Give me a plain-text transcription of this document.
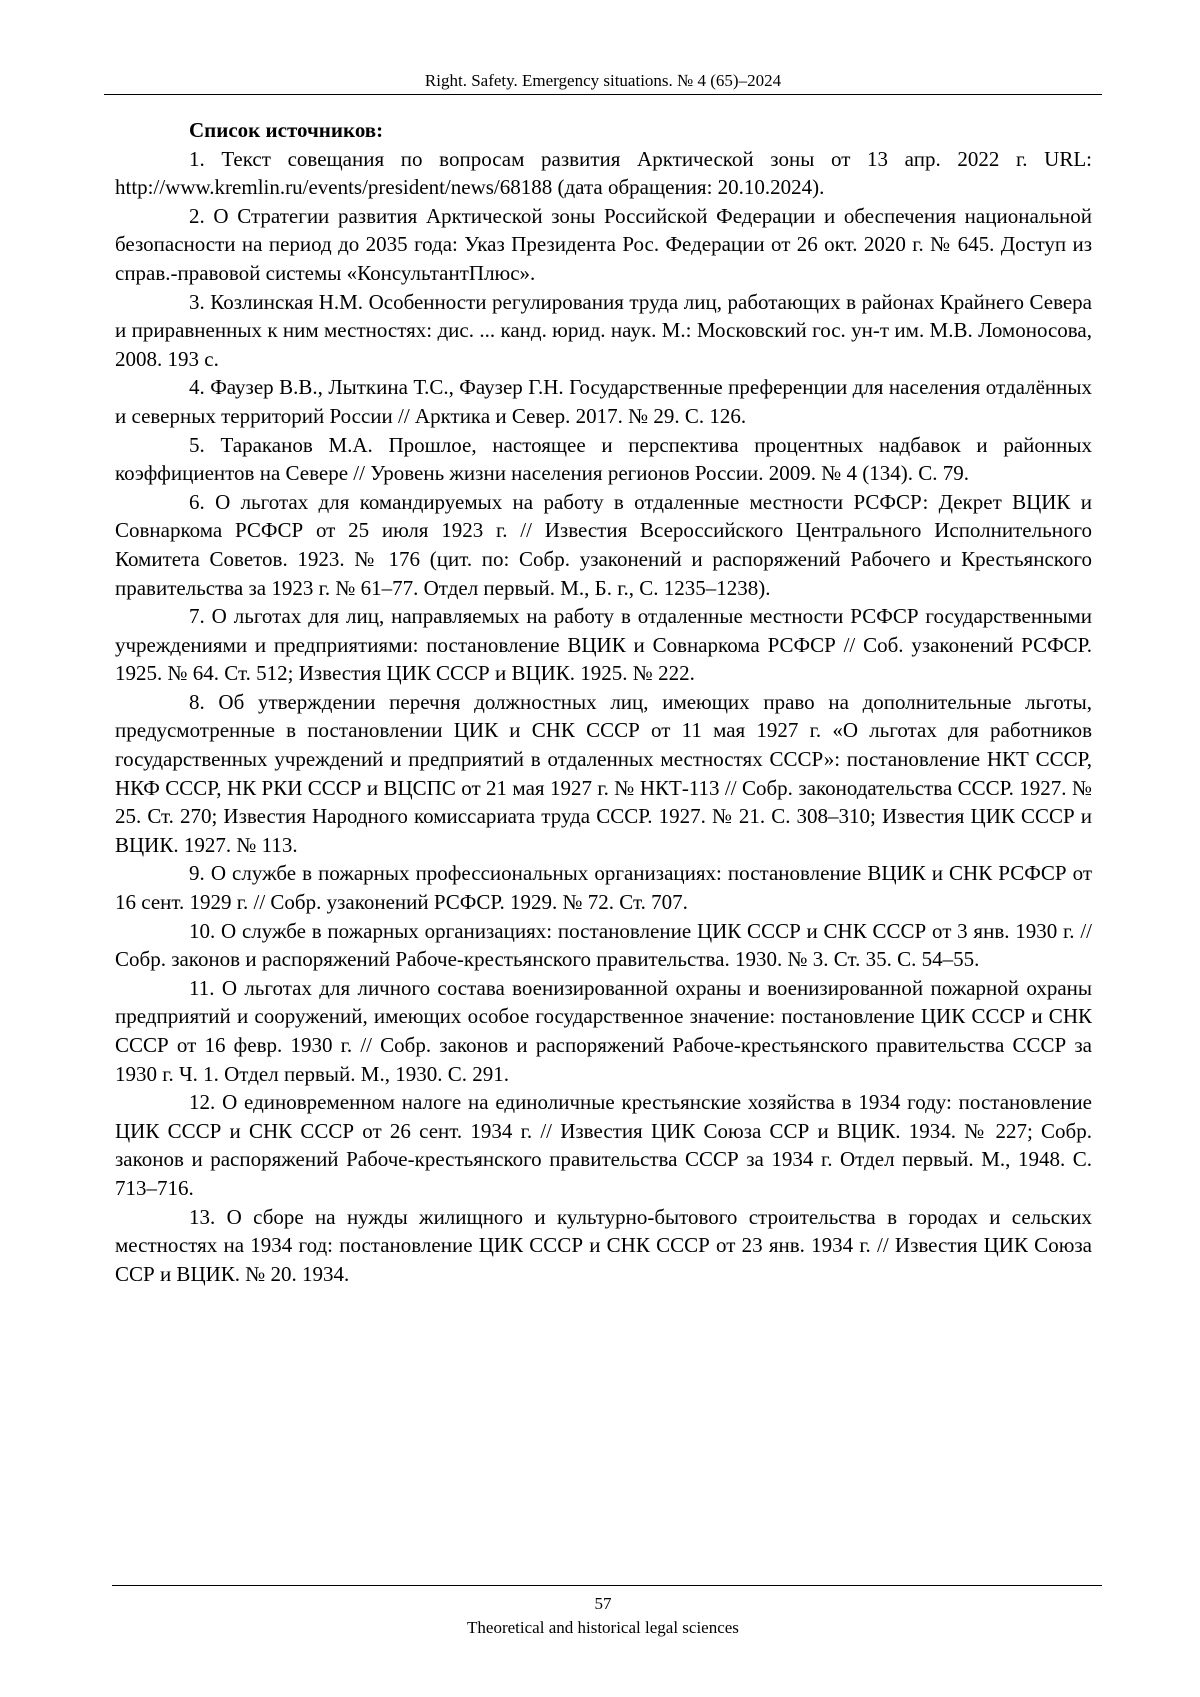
Right. Safety. Emergency situations. № 4 (65)–2024

Список источников:

1. Текст совещания по вопросам развития Арктической зоны от 13 апр. 2022 г. URL: http://www.kremlin.ru/events/president/news/68188 (дата обращения: 20.10.2024).

2. О Стратегии развития Арктической зоны Российской Федерации и обеспечения национальной безопасности на период до 2035 года: Указ Президента Рос. Федерации от 26 окт. 2020 г. № 645. Доступ из справ.-правовой системы «КонсультантПлюс».

3. Козлинская Н.М. Особенности регулирования труда лиц, работающих в районах Крайнего Севера и приравненных к ним местностях: дис. ... канд. юрид. наук. М.: Московский гос. ун-т им. М.В. Ломоносова, 2008. 193 с.

4. Фаузер В.В., Лыткина Т.С., Фаузер Г.Н. Государственные преференции для населения отдалённых и северных территорий России // Арктика и Север. 2017. № 29. С. 126.

5. Тараканов М.А. Прошлое, настоящее и перспектива процентных надбавок и районных коэффициентов на Севере // Уровень жизни населения регионов России. 2009. № 4 (134). С. 79.

6. О льготах для командируемых на работу в отдаленные местности РСФСР: Декрет ВЦИК и Совнаркома РСФСР от 25 июля 1923 г. // Известия Всероссийского Центрального Исполнительного Комитета Советов. 1923. № 176 (цит. по: Собр. узаконений и распоряжений Рабочего и Крестьянского правительства за 1923 г. № 61–77. Отдел первый. М., Б. г., С. 1235–1238).

7. О льготах для лиц, направляемых на работу в отдаленные местности РСФСР государственными учреждениями и предприятиями: постановление ВЦИК и Совнаркома РСФСР // Соб. узаконений РСФСР. 1925. № 64. Ст. 512; Известия ЦИК СССР и ВЦИК. 1925. № 222.

8. Об утверждении перечня должностных лиц, имеющих право на дополнительные льготы, предусмотренные в постановлении ЦИК и СНК СССР от 11 мая 1927 г. «О льготах для работников государственных учреждений и предприятий в отдаленных местностях СССР»: постановление НКТ СССР, НКФ СССР, НК РКИ СССР и ВЦСПС от 21 мая 1927 г. № НКТ-113 // Собр. законодательства СССР. 1927. № 25. Ст. 270; Известия Народного комиссариата труда СССР. 1927. № 21. С. 308–310; Известия ЦИК СССР и ВЦИК. 1927. № 113.

9. О службе в пожарных профессиональных организациях: постановление ВЦИК и СНК РСФСР от 16 сент. 1929 г. // Собр. узаконений РСФСР. 1929. № 72. Ст. 707.

10. О службе в пожарных организациях: постановление ЦИК СССР и СНК СССР от 3 янв. 1930 г. // Собр. законов и распоряжений Рабоче-крестьянского правительства. 1930. № 3. Ст. 35. С. 54–55.

11. О льготах для личного состава военизированной охраны и военизированной пожарной охраны предприятий и сооружений, имеющих особое государственное значение: постановление ЦИК СССР и СНК СССР от 16 февр. 1930 г. // Собр. законов и распоряжений Рабоче-крестьянского правительства СССР за 1930 г. Ч. 1. Отдел первый. М., 1930. С. 291.

12. О единовременном налоге на единоличные крестьянские хозяйства в 1934 году: постановление ЦИК СССР и СНК СССР от 26 сент. 1934 г. // Известия ЦИК Союза ССР и ВЦИК. 1934. № 227; Собр. законов и распоряжений Рабоче-крестьянского правительства СССР за 1934 г. Отдел первый. М., 1948. С. 713–716.

13. О сборе на нужды жилищного и культурно-бытового строительства в городах и сельских местностях на 1934 год: постановление ЦИК СССР и СНК СССР от 23 янв. 1934 г. // Известия ЦИК Союза ССР и ВЦИК. № 20. 1934.

57
Theoretical and historical legal sciences
